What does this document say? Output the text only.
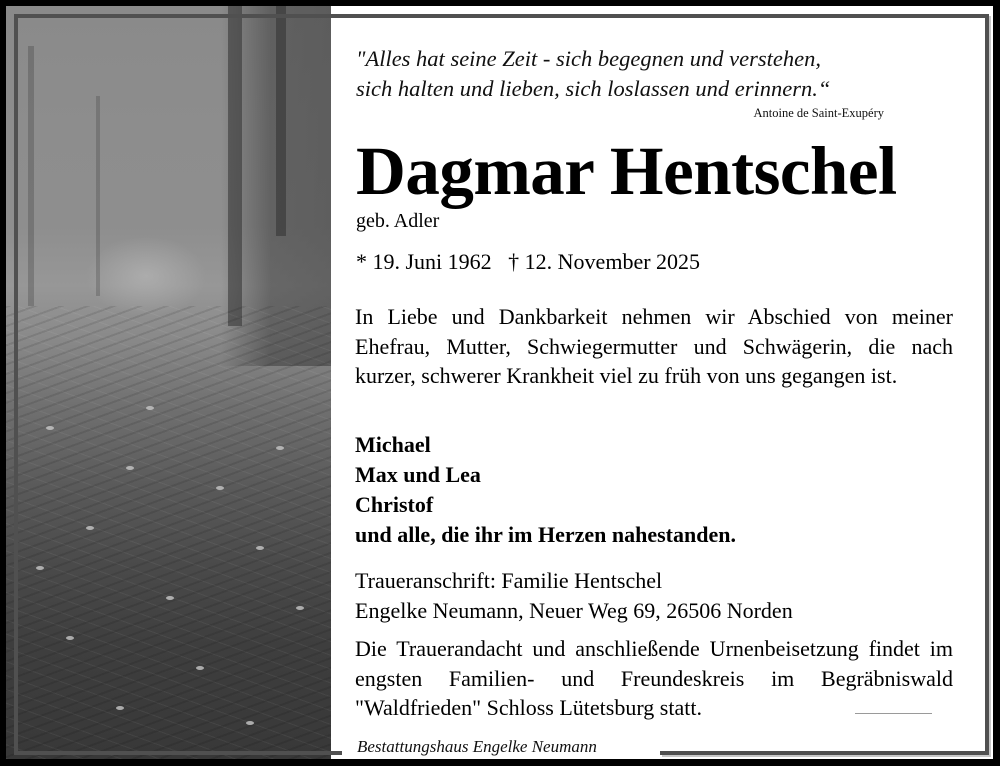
"Alles hat seine Zeit - sich begegnen und verstehen,
sich halten und lieben, sich loslassen und erinnern.“
Antoine de Saint-Exupéry
Dagmar Hentschel
geb. Adler
* 19. Juni 1962   † 12. November 2025
In Liebe und Dankbarkeit nehmen wir Abschied von meiner Ehefrau, Mutter, Schwiegermutter und Schwägerin, die nach kurzer, schwerer Krankheit viel zu früh von uns gegangen ist.
Michael
Max und Lea
Christof
und alle, die ihr im Herzen nahestanden.
Traueranschrift: Familie Hentschel
Engelke Neumann, Neuer Weg 69, 26506 Norden
Die Trauerandacht und anschließende Urnenbeisetzung findet im engsten Familien- und Freundeskreis im Begräbniswald "Waldfrieden" Schloss Lütetsburg statt.
Bestattungshaus Engelke Neumann
